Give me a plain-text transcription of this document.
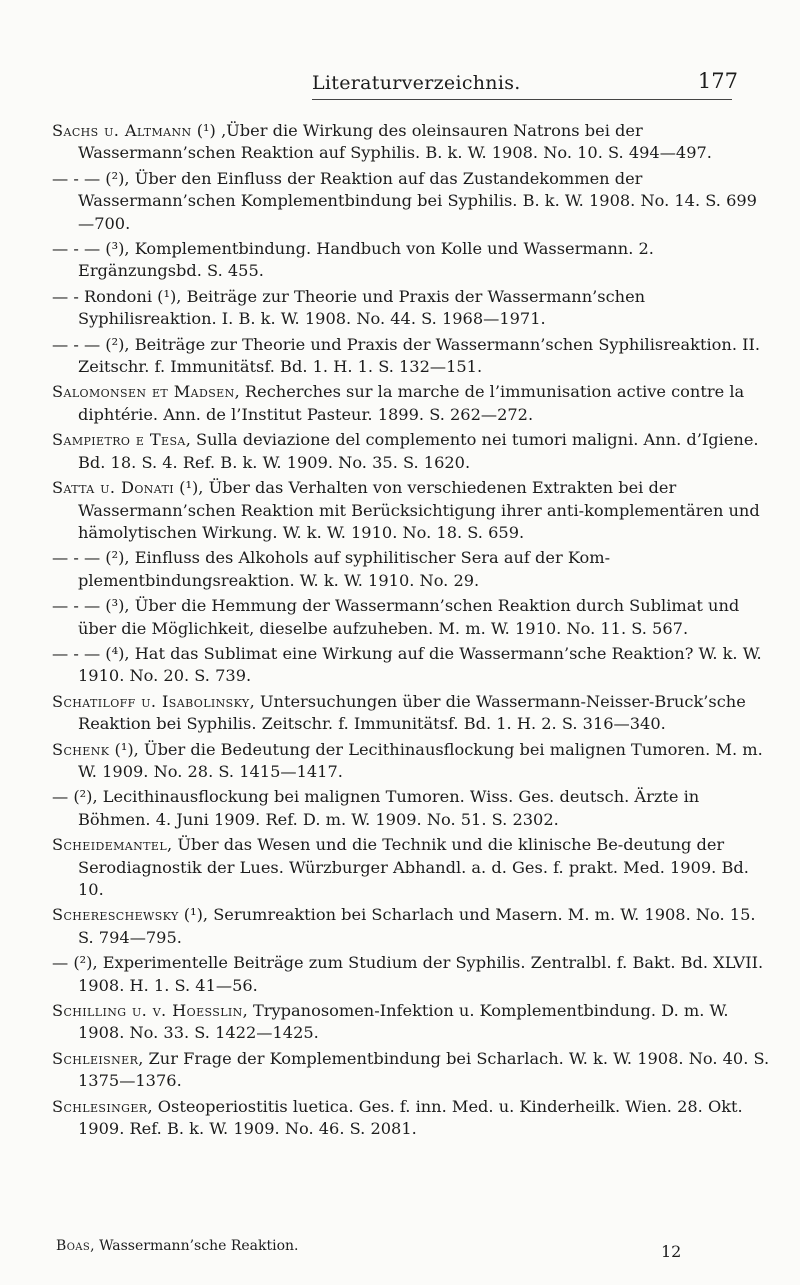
Literaturverzeichnis.	177

Sachs u. Altmann (¹) ‚Über die Wirkung des oleinsauren Natrons bei der Wassermann’schen Reaktion auf Syphilis. B. k. W. 1908. No. 10. S. 494—497.

— - — (²), Über den Einfluss der Reaktion auf das Zustandekommen der Wassermann’schen Komplementbindung bei Syphilis. B. k. W. 1908. No. 14. S. 699—700.

— - — (³), Komplementbindung. Handbuch von Kolle und Wassermann. 2. Ergänzungsbd. S. 455.

— - Rondoni (¹), Beiträge zur Theorie und Praxis der Wassermann’schen Syphilisreaktion. I. B. k. W. 1908. No. 44. S. 1968—1971.

— - — (²), Beiträge zur Theorie und Praxis der Wassermann’schen Syphilisreaktion. II. Zeitschr. f. Immunitätsf. Bd. 1. H. 1. S. 132—151.

Salomonsen et Madsen, Recherches sur la marche de l’immunisation active contre la diphtérie. Ann. de l’Institut Pasteur. 1899. S. 262—272.

Sampietro e Tesa, Sulla deviazione del complemento nei tumori maligni. Ann. d’Igiene. Bd. 18. S. 4. Ref. B. k. W. 1909. No. 35. S. 1620.

Satta u. Donati (¹), Über das Verhalten von verschiedenen Extrakten bei der Wassermann’schen Reaktion mit Berücksichtigung ihrer anti-komplementären und hämolytischen Wirkung. W. k. W. 1910. No. 18. S. 659.

— - — (²), Einfluss des Alkohols auf syphilitischer Sera auf der Kom-plementbindungsreaktion. W. k. W. 1910. No. 29.

— - — (³), Über die Hemmung der Wassermann’schen Reaktion durch Sublimat und über die Möglichkeit, dieselbe aufzuheben. M. m. W. 1910. No. 11. S. 567.

— - — (⁴), Hat das Sublimat eine Wirkung auf die Wassermann’sche Reaktion? W. k. W. 1910. No. 20. S. 739.

Schatiloff u. Isabolinsky, Untersuchungen über die Wassermann-Neisser-Bruck’sche Reaktion bei Syphilis. Zeitschr. f. Immunitätsf. Bd. 1. H. 2. S. 316—340.

Schenk (¹), Über die Bedeutung der Lecithinausflockung bei malignen Tumoren. M. m. W. 1909. No. 28. S. 1415—1417.

— (²), Lecithinausflockung bei malignen Tumoren. Wiss. Ges. deutsch. Ärzte in Böhmen. 4. Juni 1909. Ref. D. m. W. 1909. No. 51. S. 2302.

Scheidemantel, Über das Wesen und die Technik und die klinische Be-deutung der Serodiagnostik der Lues. Würzburger Abhandl. a. d. Ges. f. prakt. Med. 1909. Bd. 10.

Schereschewsky (¹), Serumreaktion bei Scharlach und Masern. M. m. W. 1908. No. 15. S. 794—795.

— (²), Experimentelle Beiträge zum Studium der Syphilis. Zentralbl. f. Bakt. Bd. XLVII. 1908. H. 1. S. 41—56.

Schilling u. v. Hoesslin, Trypanosomen-Infektion u. Komplementbindung. D. m. W. 1908. No. 33. S. 1422—1425.

Schleisner, Zur Frage der Komplementbindung bei Scharlach. W. k. W. 1908. No. 40. S. 1375—1376.

Schlesinger, Osteoperiostitis luetica. Ges. f. inn. Med. u. Kinderheilk. Wien. 28. Okt. 1909. Ref. B. k. W. 1909. No. 46. S. 2081.

Boas, Wassermann’sche Reaktion.	12
